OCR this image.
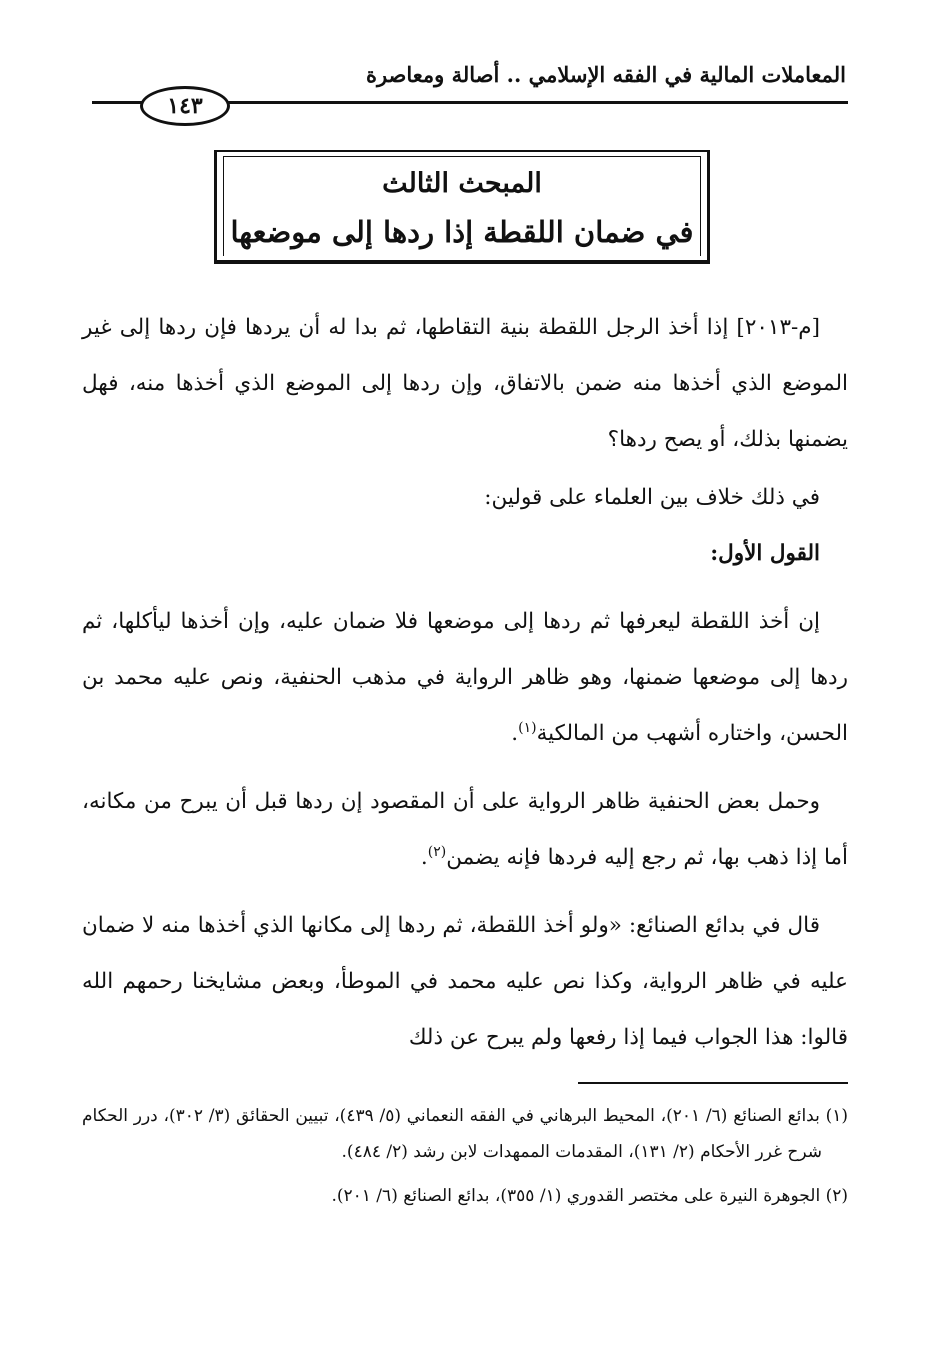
المعاملات المالية في الفقه الإسلامي .. أصالة ومعاصرة
١٤٣
المبحث الثالث
في ضمان اللقطة إذا ردها إلى موضعها

[م-٢٠١٣] إذا أخذ الرجل اللقطة بنية التقاطها، ثم بدا له أن يردها فإن ردها إلى غير الموضع الذي أخذها منه ضمن بالاتفاق، وإن ردها إلى الموضع الذي أخذها منه، فهل يضمنها بذلك، أو يصح ردها؟

في ذلك خلاف بين العلماء على قولين:

القول الأول:

إن أخذ اللقطة ليعرفها ثم ردها إلى موضعها فلا ضمان عليه، وإن أخذها ليأكلها، ثم ردها إلى موضعها ضمنها، وهو ظاهر الرواية في مذهب الحنفية، ونص عليه محمد بن الحسن، واختاره أشهب من المالكية$^{(١)}$.

وحمل بعض الحنفية ظاهر الرواية على أن المقصود إن ردها قبل أن يبرح من مكانه، أما إذا ذهب بها، ثم رجع إليه فردها فإنه يضمن$^{(٢)}$.

قال في بدائع الصنائع: «ولو أخذ اللقطة، ثم ردها إلى مكانها الذي أخذها منه لا ضمان عليه في ظاهر الرواية، وكذا نص عليه محمد في الموطأ، وبعض مشايخنا رحمهم الله قالوا: هذا الجواب فيما إذا رفعها ولم يبرح عن ذلك

(١) بدائع الصنائع (٦/ ٢٠١)، المحيط البرهاني في الفقه النعماني (٥/ ٤٣٩)، تبيين الحقائق (٣/ ٣٠٢)، درر الحكام شرح غرر الأحكام (٢/ ١٣١)، المقدمات الممهدات لابن رشد (٢/ ٤٨٤).

(٢) الجوهرة النيرة على مختصر القدوري (١/ ٣٥٥)، بدائع الصنائع (٦/ ٢٠١).
